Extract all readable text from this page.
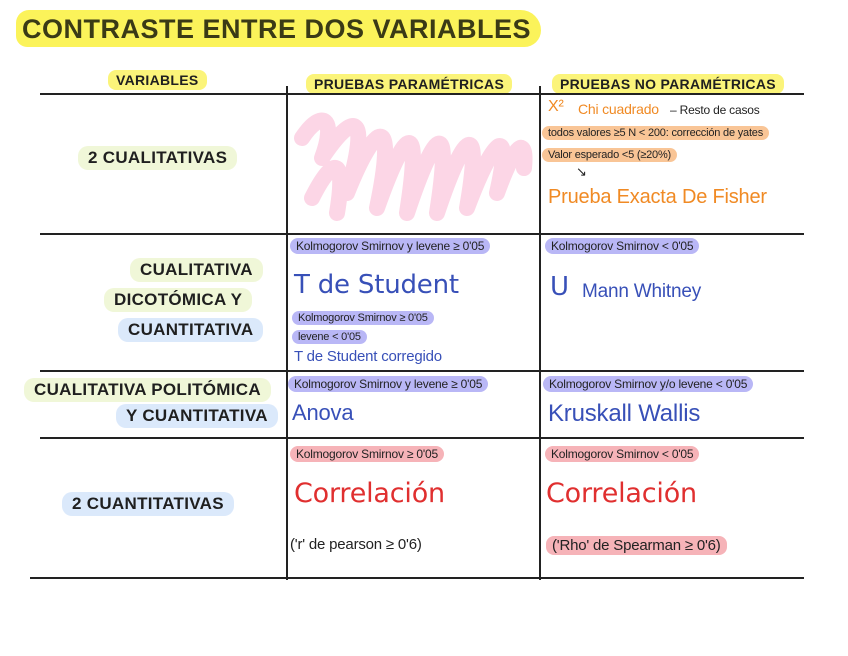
CONTRASTE ENTRE DOS VARIABLES
VARIABLES	PRUEBAS PARAMÉTRICAS	PRUEBAS NO PARAMÉTRICAS
2 CUALITATIVAS
X² Chi cuadrado – Resto de casos
todos valores ≥5 N < 200: corrección de yates
Valor esperado <5 (≥20%)
↘
Prueba Exacta De Fisher
CUALITATIVA
DICOTÓMICA Y
CUANTITATIVA
Kolmogorov Smirnov y levene ≥ 0'05
T de Student
Kolmogorov Smirnov ≥ 0'05
levene < 0'05
T de Student corregido
Kolmogorov Smirnov < 0'05
U Mann Whitney
CUALITATIVA POLITÓMICA
Y CUANTITATIVA
Kolmogorov Smirnov y levene ≥ 0'05
Anova
Kolmogorov Smirnov y/o levene < 0'05
Kruskall Wallis
2 CUANTITATIVAS
Kolmogorov Smirnov ≥ 0'05
Correlación
('r' de pearson ≥ 0'6)
Kolmogorov Smirnov < 0'05
Correlación
('Rho' de Spearman ≥ 0'6)
